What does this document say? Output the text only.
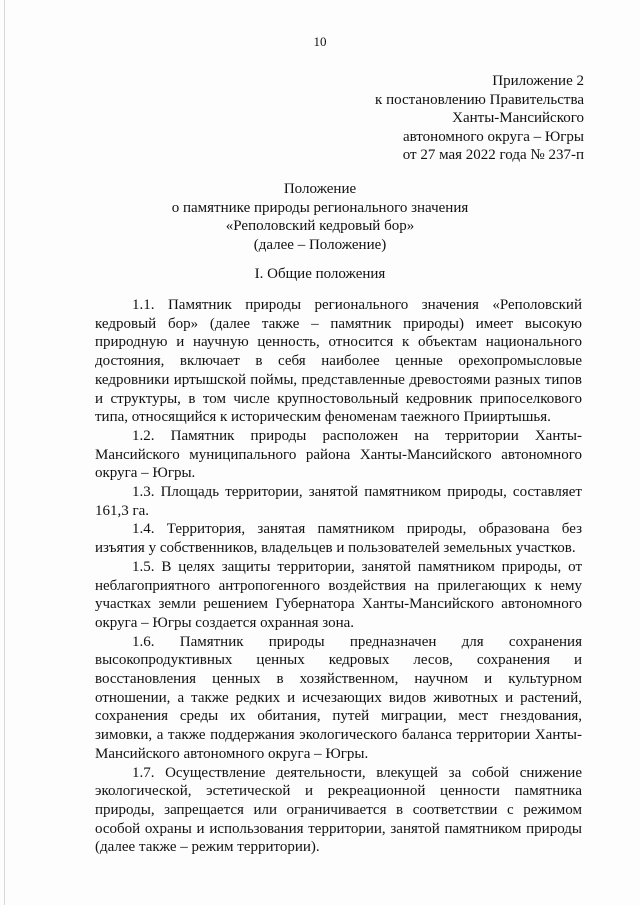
10
Приложение 2
к постановлению Правительства
Ханты-Мансийского
автономного округа – Югры
от 27 мая 2022 года № 237-п
Положение
о памятнике природы регионального значения
«Реполовский кедровый бор»
(далее – Положение)
I. Общие положения

1.1. Памятник природы регионального значения «Реполовский кедровый бор» (далее также – памятник природы) имеет высокую природную и научную ценность, относится к объектам национального достояния, включает в себя наиболее ценные орехопромысловые кедровники иртышской поймы, представленные древостоями разных типов и структуры, в том числе крупностовольный кедровник припоселкового типа, относящийся к историческим феноменам таежного Прииртышья.

1.2. Памятник природы расположен на территории Ханты-Мансийского муниципального района Ханты-Мансийского автономного округа – Югры.

1.3. Площадь территории, занятой памятником природы, составляет 161,3 га.

1.4. Территория, занятая памятником природы, образована без изъятия у собственников, владельцев и пользователей земельных участков.

1.5. В целях защиты территории, занятой памятником природы, от неблагоприятного антропогенного воздействия на прилегающих к нему участках земли решением Губернатора Ханты-Мансийского автономного округа – Югры создается охранная зона.

1.6. Памятник природы предназначен для сохранения высокопродуктивных ценных кедровых лесов, сохранения и восстановления ценных в хозяйственном, научном и культурном отношении, а также редких и исчезающих видов животных и растений, сохранения среды их обитания, путей миграции, мест гнездования, зимовки, а также поддержания экологического баланса территории Ханты-Мансийского автономного округа – Югры.

1.7. Осуществление деятельности, влекущей за собой снижение экологической, эстетической и рекреационной ценности памятника природы, запрещается или ограничивается в соответствии с режимом особой охраны и использования территории, занятой памятником природы (далее также – режим территории).
